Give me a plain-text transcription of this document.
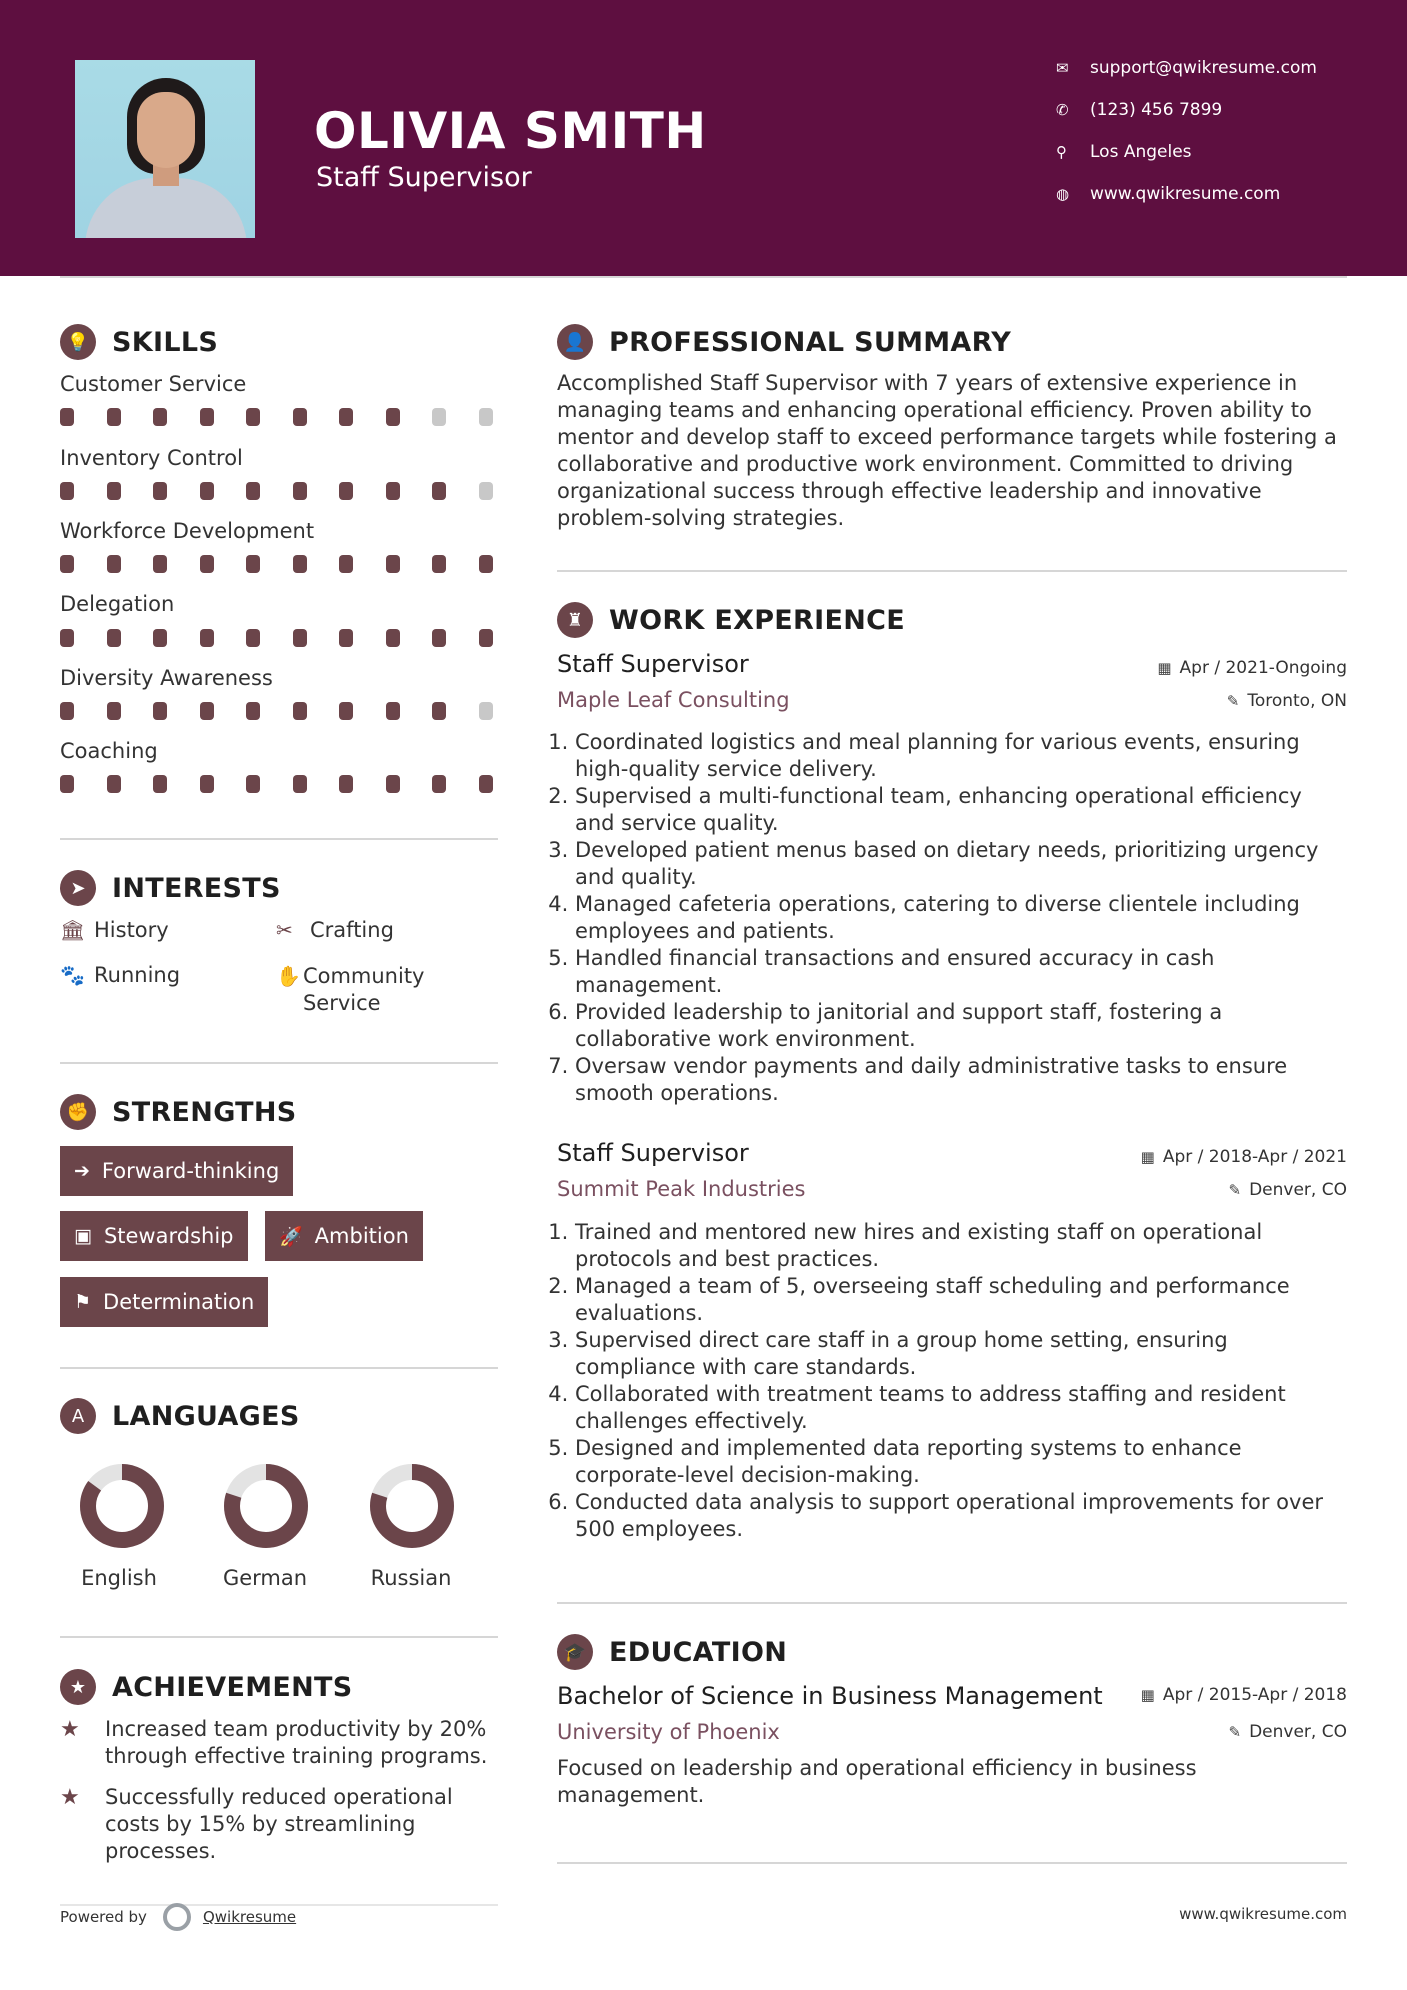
OLIVIA SMITH
Staff Supervisor
✉	support@qwikresume.com
✆	(123) 456 7899
⚲	Los Angeles
◍	www.qwikresume.com
💡 SKILLS
Customer Service
Inventory Control
Workforce Development
Delegation
Diversity Awareness
Coaching
➤ INTERESTS
🏛 History	✂ Crafting
🐾 Running	✋ Community Service
✊ STRENGTHS
➔ Forward-thinking
▣ Stewardship 🚀 Ambition
⚑ Determination
A	LANGUAGES
English	German	Russian
★ ACHIEVEMENTS
★	Increased team productivity by 20% through effective training programs.
★	Successfully reduced operational costs by 15% by streamlining processes.
👤 PROFESSIONAL SUMMARY
Accomplished Staff Supervisor with 7 years of extensive experience in managing teams and enhancing operational efficiency. Proven ability to mentor and develop staff to exceed performance targets while fostering a collaborative and productive work environment. Committed to driving organizational success through effective leadership and innovative problem-solving strategies.
♜ WORK EXPERIENCE
Staff Supervisor	▦ Apr / 2021-Ongoing
Maple Leaf Consulting	✎ Toronto, ON
1. Coordinated logistics and meal planning for various events, ensuring high-quality service delivery.
2. Supervised a multi-functional team, enhancing operational efficiency and service quality.
3. Developed patient menus based on dietary needs, prioritizing urgency and quality.
4. Managed cafeteria operations, catering to diverse clientele including employees and patients.
5. Handled financial transactions and ensured accuracy in cash management.
6. Provided leadership to janitorial and support staff, fostering a collaborative work environment.
7. Oversaw vendor payments and daily administrative tasks to ensure smooth operations.
Staff Supervisor	▦ Apr / 2018-Apr / 2021
Summit Peak Industries	✎ Denver, CO
1. Trained and mentored new hires and existing staff on operational protocols and best practices.
2. Managed a team of 5, overseeing staff scheduling and performance evaluations.
3. Supervised direct care staff in a group home setting, ensuring compliance with care standards.
4. Collaborated with treatment teams to address staffing and resident challenges effectively.
5. Designed and implemented data reporting systems to enhance corporate-level decision-making.
6. Conducted data analysis to support operational improvements for over 500 employees.
🎓 EDUCATION
Bachelor of Science in Business Management	▦ Apr / 2015-Apr / 2018
University of Phoenix	✎ Denver, CO
Focused on leadership and operational efficiency in business management.
Powered by	Qwikresume	www.qwikresume.com
